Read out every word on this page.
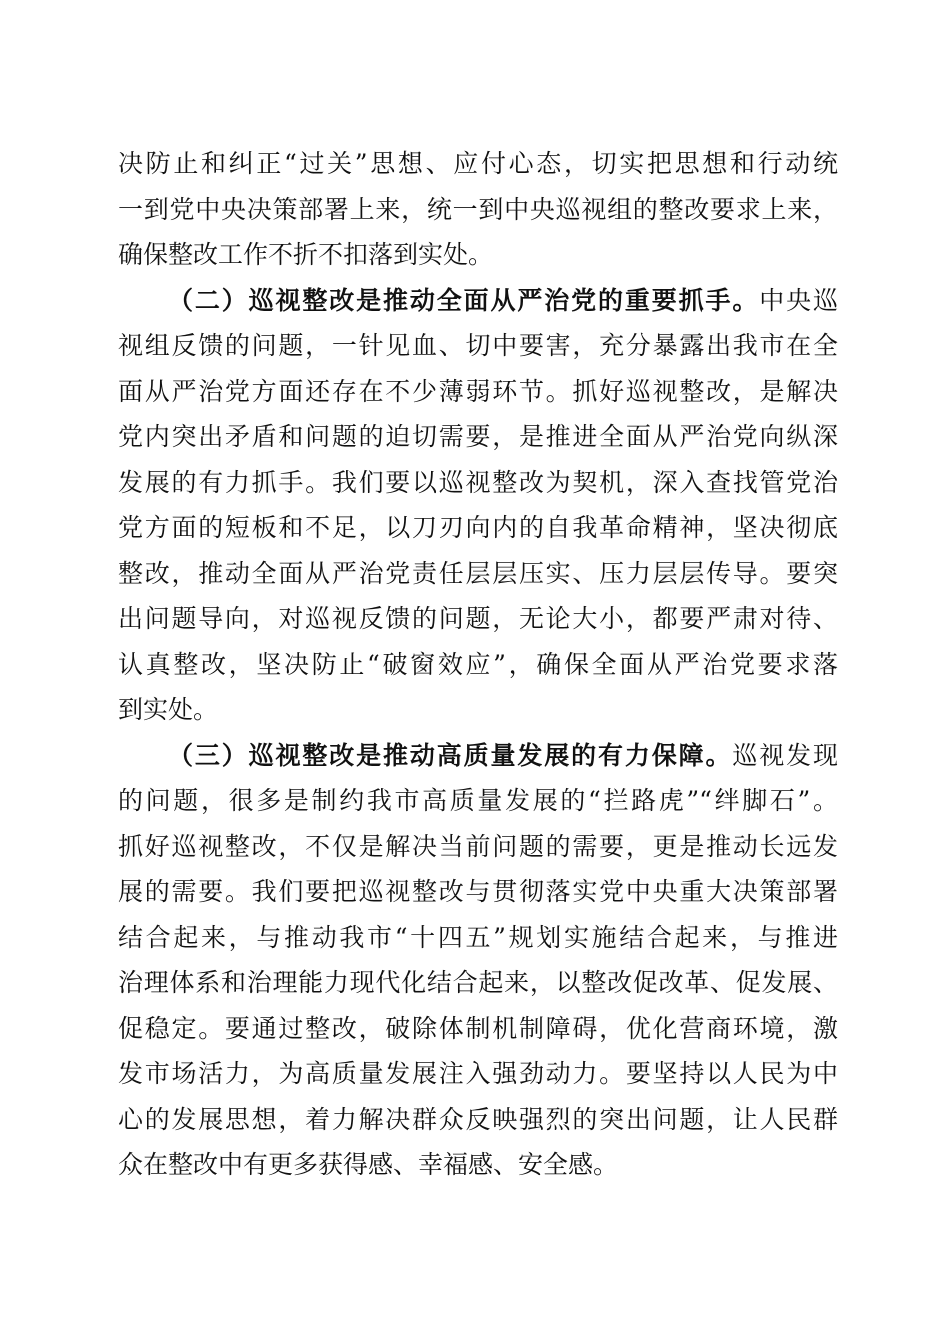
决防止和纠正“过关”思想、应付心态，切实把思想和行动统
一到党中央决策部署上来，统一到中央巡视组的整改要求上来，
确保整改工作不折不扣落到实处。
（二）巡视整改是推动全面从严治党的重要抓手。中央巡
视组反馈的问题，一针见血、切中要害，充分暴露出我市在全
面从严治党方面还存在不少薄弱环节。抓好巡视整改，是解决
党内突出矛盾和问题的迫切需要，是推进全面从严治党向纵深
发展的有力抓手。我们要以巡视整改为契机，深入查找管党治
党方面的短板和不足，以刀刃向内的自我革命精神，坚决彻底
整改，推动全面从严治党责任层层压实、压力层层传导。要突
出问题导向，对巡视反馈的问题，无论大小，都要严肃对待、
认真整改，坚决防止“破窗效应”，确保全面从严治党要求落
到实处。
（三）巡视整改是推动高质量发展的有力保障。巡视发现
的问题，很多是制约我市高质量发展的“拦路虎”“绊脚石”。
抓好巡视整改，不仅是解决当前问题的需要，更是推动长远发
展的需要。我们要把巡视整改与贯彻落实党中央重大决策部署
结合起来，与推动我市“十四五”规划实施结合起来，与推进
治理体系和治理能力现代化结合起来，以整改促改革、促发展、
促稳定。要通过整改，破除体制机制障碍，优化营商环境，激
发市场活力，为高质量发展注入强劲动力。要坚持以人民为中
心的发展思想，着力解决群众反映强烈的突出问题，让人民群
众在整改中有更多获得感、幸福感、安全感。
